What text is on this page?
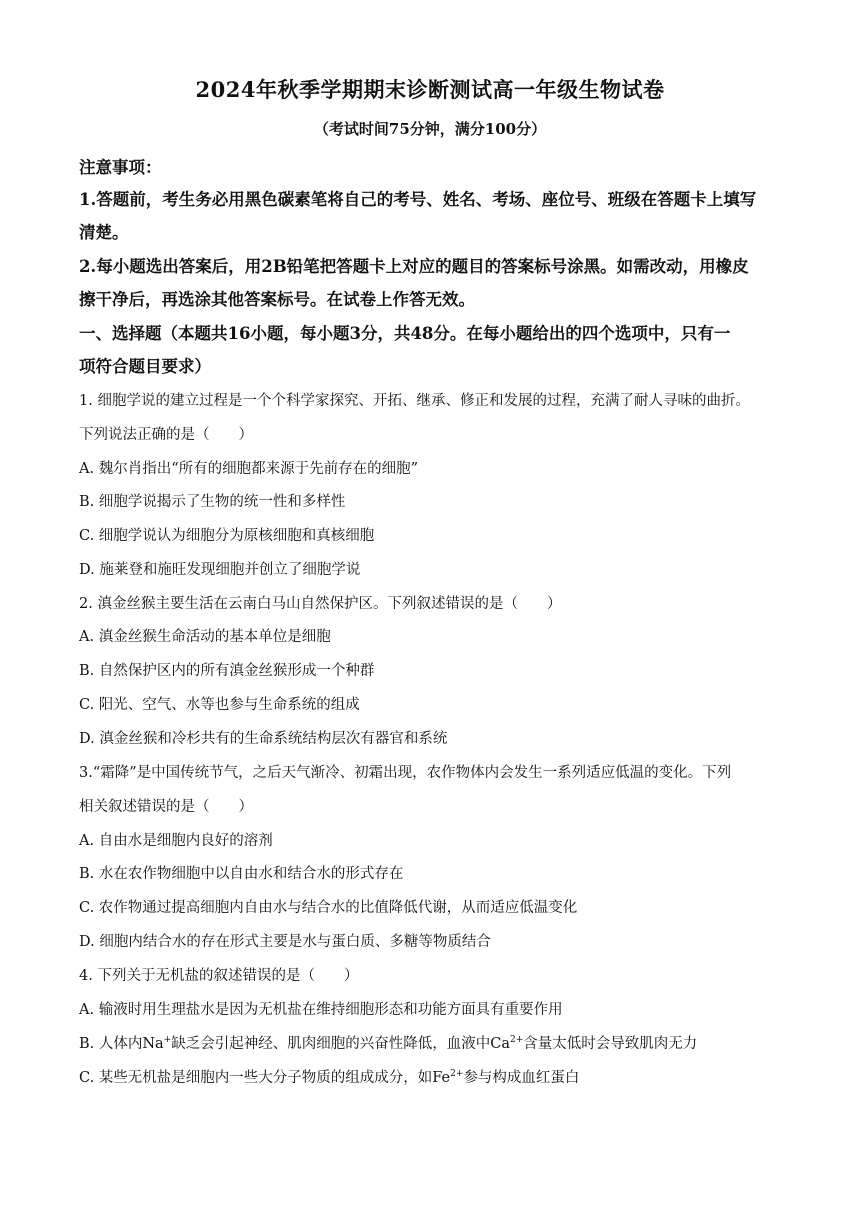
2024年秋季学期期末诊断测试高一年级生物试卷
（考试时间75分钟，满分100分）
注意事项：
1.答题前，考生务必用黑色碳素笔将自己的考号、姓名、考场、座位号、班级在答题卡上填写
清楚。
2.每小题选出答案后，用2B铅笔把答题卡上对应的题目的答案标号涂黑。如需改动，用橡皮
擦干净后，再选涂其他答案标号。在试卷上作答无效。
一、选择题（本题共16小题，每小题3分，共48分。在每小题给出的四个选项中，只有一
项符合题目要求）
1. 细胞学说的建立过程是一个个科学家探究、开拓、继承、修正和发展的过程，充满了耐人寻味的曲折。
下列说法正确的是（　　）
A. 魏尔肖指出“所有的细胞都来源于先前存在的细胞”
B. 细胞学说揭示了生物的统一性和多样性
C. 细胞学说认为细胞分为原核细胞和真核细胞
D. 施莱登和施旺发现细胞并创立了细胞学说
2. 滇金丝猴主要生活在云南白马山自然保护区。下列叙述错误的是（　　）
A. 滇金丝猴生命活动的基本单位是细胞
B. 自然保护区内的所有滇金丝猴形成一个种群
C. 阳光、空气、水等也参与生命系统的组成
D. 滇金丝猴和冷杉共有的生命系统结构层次有器官和系统
3.“霜降”是中国传统节气，之后天气渐冷、初霜出现，农作物体内会发生一系列适应低温的变化。下列
相关叙述错误的是（　　）
A. 自由水是细胞内良好的溶剂
B. 水在农作物细胞中以自由水和结合水的形式存在
C. 农作物通过提高细胞内自由水与结合水的比值降低代谢，从而适应低温变化
D. 细胞内结合水的存在形式主要是水与蛋白质、多糖等物质结合
4. 下列关于无机盐的叙述错误的是（　　）
A. 输液时用生理盐水是因为无机盐在维持细胞形态和功能方面具有重要作用
B. 人体内Na+缺乏会引起神经、肌肉细胞的兴奋性降低，血液中$Ca^{2+}$含量太低时会导致肌肉无力
C. 某些无机盐是细胞内一些大分子物质的组成成分，如$Fe^{2+}$参与构成血红蛋白
